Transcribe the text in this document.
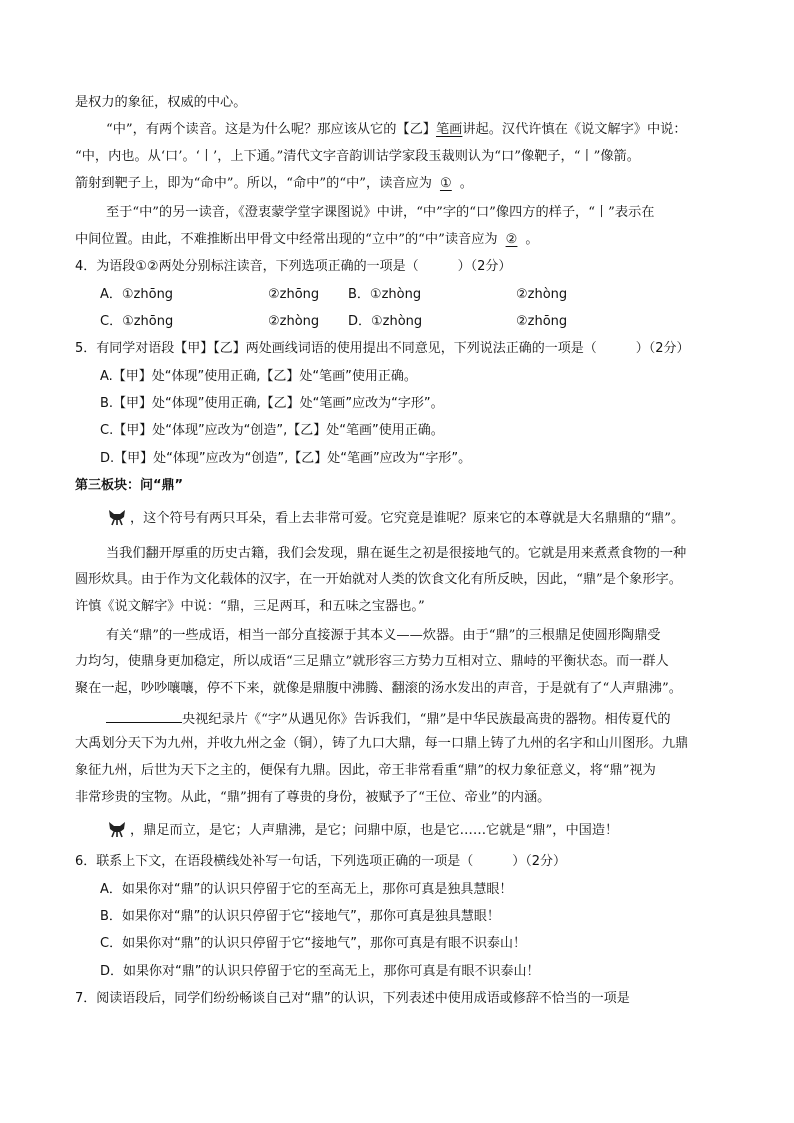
是权力的象征，权威的中心。
“中”，有两个读音。这是为什么呢？那应该从它的【乙】笔画讲起。汉代许慎在《说文解字》中说：
“中，内也。从‘口’。‘丨’，上下通。”清代文字音韵训诂学家段玉裁则认为“口”像靶子，“丨”像箭。
箭射到靶子上，即为“命中”。所以，“命中”的“中”，读音应为 ① 。
至于“中”的另一读音，《澄衷蒙学堂字课图说》中讲，“中”字的“口”像四方的样子，“丨”表示在
中间位置。由此，不难推断出甲骨文中经常出现的“立中”的“中”读音应为 ② 。
4．为语段①②两处分别标注读音，下列选项正确的一项是（　　　）（2分）
A．①zhōng	②zhōng B．①zhòng	②zhòng
C．①zhōng	②zhòng D．①zhòng	②zhōng
5．有同学对语段【甲】【乙】两处画线词语的使用提出不同意见，下列说法正确的一项是（　　　）（2分）
A.【甲】处“体现”使用正确,【乙】处“笔画”使用正确。
B.【甲】处“体现”使用正确,【乙】处“笔画”应改为“字形”。
C.【甲】处“体现”应改为“创造”,【乙】处“笔画”使用正确。
D.【甲】处“体现”应改为“创造”,【乙】处“笔画”应改为“字形”。
第三板块：问“鼎”
，这个符号有两只耳朵，看上去非常可爱。它究竟是谁呢？原来它的本尊就是大名鼎鼎的“鼎”。
当我们翻开厚重的历史古籍，我们会发现，鼎在诞生之初是很接地气的。它就是用来煮煮食物的一种
圆形炊具。由于作为文化载体的汉字，在一开始就对人类的饮食文化有所反映，因此，“鼎”是个象形字。
许慎《说文解字》中说：“鼎，三足两耳，和五味之宝器也。”
有关“鼎”的一些成语，相当一部分直接源于其本义——炊器。由于“鼎”的三根鼎足使圆形陶鼎受
力均匀，使鼎身更加稳定，所以成语“三足鼎立”就形容三方势力互相对立、鼎峙的平衡状态。而一群人
聚在一起，吵吵嚷嚷，停不下来，就像是鼎腹中沸腾、翻滚的汤水发出的声音，于是就有了“人声鼎沸”。
央视纪录片《“字”从遇见你》告诉我们，“鼎”是中华民族最高贵的器物。相传夏代的
大禹划分天下为九州，并收九州之金（铜），铸了九口大鼎，每一口鼎上铸了九州的名字和山川图形。九鼎
象征九州，后世为天下之主的，便保有九鼎。因此，帝王非常看重“鼎”的权力象征意义，将“鼎”视为
非常珍贵的宝物。从此，“鼎”拥有了尊贵的身份，被赋予了“王位、帝业”的内涵。
，鼎足而立，是它；人声鼎沸，是它；问鼎中原，也是它……它就是“鼎”，中国造！
6．联系上下文，在语段横线处补写一句话，下列选项正确的一项是（　　　）（2分）
A．如果你对“鼎”的认识只停留于它的至高无上，那你可真是独具慧眼！
B．如果你对“鼎”的认识只停留于它“接地气”，那你可真是独具慧眼！
C．如果你对“鼎”的认识只停留于它“接地气”，那你可真是有眼不识泰山！
D．如果你对“鼎”的认识只停留于它的至高无上，那你可真是有眼不识泰山！
7．阅读语段后，同学们纷纷畅谈自己对“鼎”的认识，下列表述中使用成语或修辞不恰当的一项是
